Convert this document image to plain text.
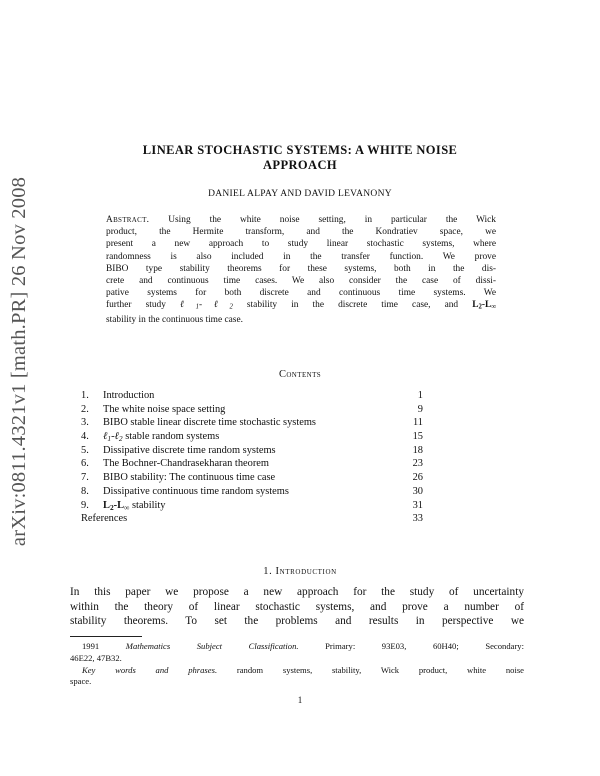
arXiv:0811.4321v1 [math.PR] 26 Nov 2008
LINEAR STOCHASTIC SYSTEMS: A WHITE NOISE
APPROACH
DANIEL ALPAY AND DAVID LEVANONY
Abstract. Using the white noise setting, in particular the Wick
product, the Hermite transform, and the Kondratiev space, we
present a new approach to study linear stochastic systems, where
randomness is also included in the transfer function. We prove
BIBO type stability theorems for these systems, both in the dis-
crete and continuous time cases. We also consider the case of dissi-
pative systems for both discrete and continuous time systems. We
further study ℓ$_1$-ℓ$_2$ stability in the discrete time case, and $L_2-L_\infty$
stability in the continuous time case.
Contents
1. Introduction	1
2. The white noise space setting	9
3. BIBO stable linear discrete time stochastic systems	11
4. ℓ$_1$-ℓ$_2$ stable random systems	15
5. Dissipative discrete time random systems	18
6. The Bochner-Chandrasekharan theorem	23
7. BIBO stability: The continuous time case	26
8. Dissipative continuous time random systems	30
9. $L_2-L_\infty$ stability	31
References	33
1. Introduction
In this paper we propose a new approach for the study of uncertainty
within the theory of linear stochastic systems, and prove a number of
stability theorems. To set the problems and results in perspective we
1991 Mathematics Subject Classification. Primary: 93E03, 60H40; Secondary:
46E22, 47B32.
Key words and phrases. random systems, stability, Wick product, white noise
space.
1
